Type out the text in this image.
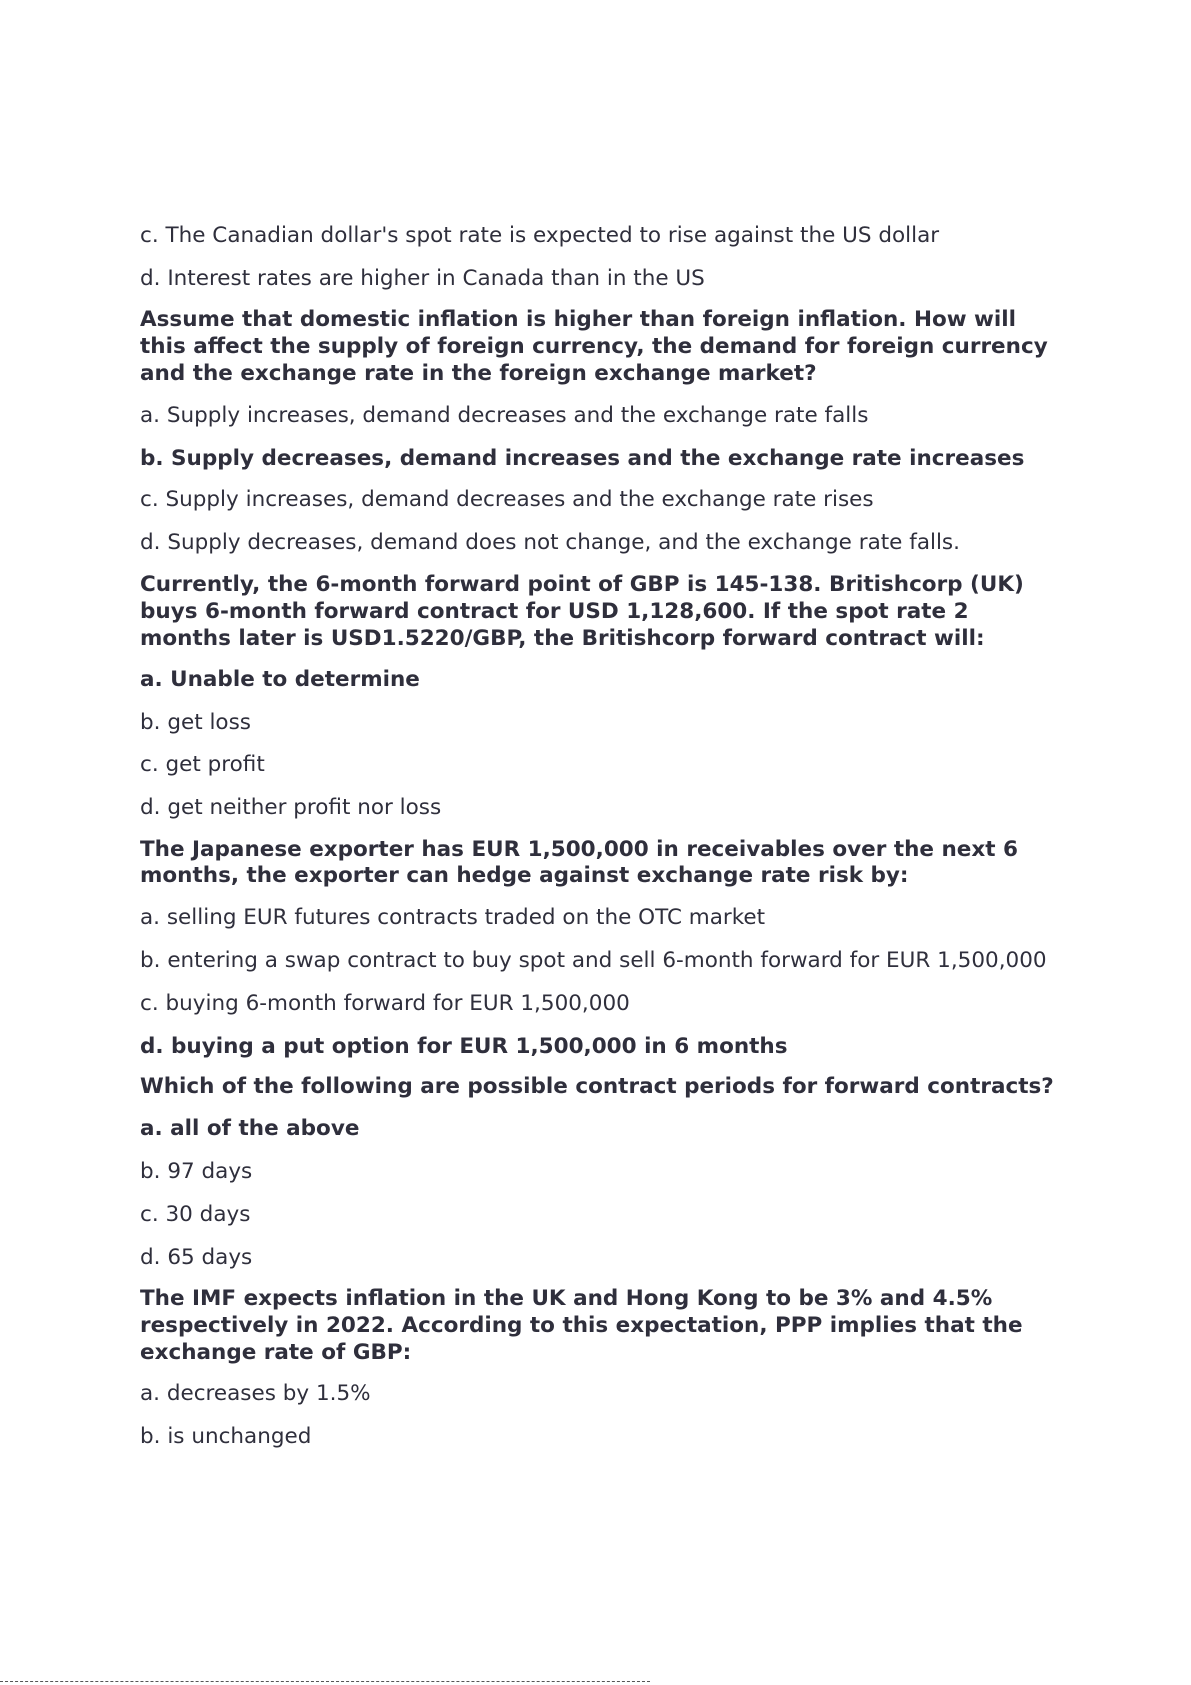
c. The Canadian dollar's spot rate is expected to rise against the US dollar

d. Interest rates are higher in Canada than in the US

Assume that domestic inflation is higher than foreign inflation. How will

this affect the supply of foreign currency, the demand for foreign currency

and the exchange rate in the foreign exchange market?

a. Supply increases, demand decreases and the exchange rate falls

b. Supply decreases, demand increases and the exchange rate increases

c. Supply increases, demand decreases and the exchange rate rises

d. Supply decreases, demand does not change, and the exchange rate falls.

Currently, the 6-month forward point of GBP is 145-138. Britishcorp (UK)

buys 6-month forward contract for USD 1,128,600. If the spot rate 2

months later is USD1.5220/GBP, the Britishcorp forward contract will:

a. Unable to determine

b. get loss

c. get profit

d. get neither profit nor loss

The Japanese exporter has EUR 1,500,000 in receivables over the next 6

months, the exporter can hedge against exchange rate risk by:

a. selling EUR futures contracts traded on the OTC market

b. entering a swap contract to buy spot and sell 6-month forward for EUR 1,500,000

c. buying 6-month forward for EUR 1,500,000

d. buying a put option for EUR 1,500,000 in 6 months

Which of the following are possible contract periods for forward contracts?

a. all of the above

b. 97 days

c. 30 days

d. 65 days

The IMF expects inflation in the UK and Hong Kong to be 3% and 4.5%

respectively in 2022. According to this expectation, PPP implies that the

exchange rate of GBP:

a. decreases by 1.5%

b. is unchanged
